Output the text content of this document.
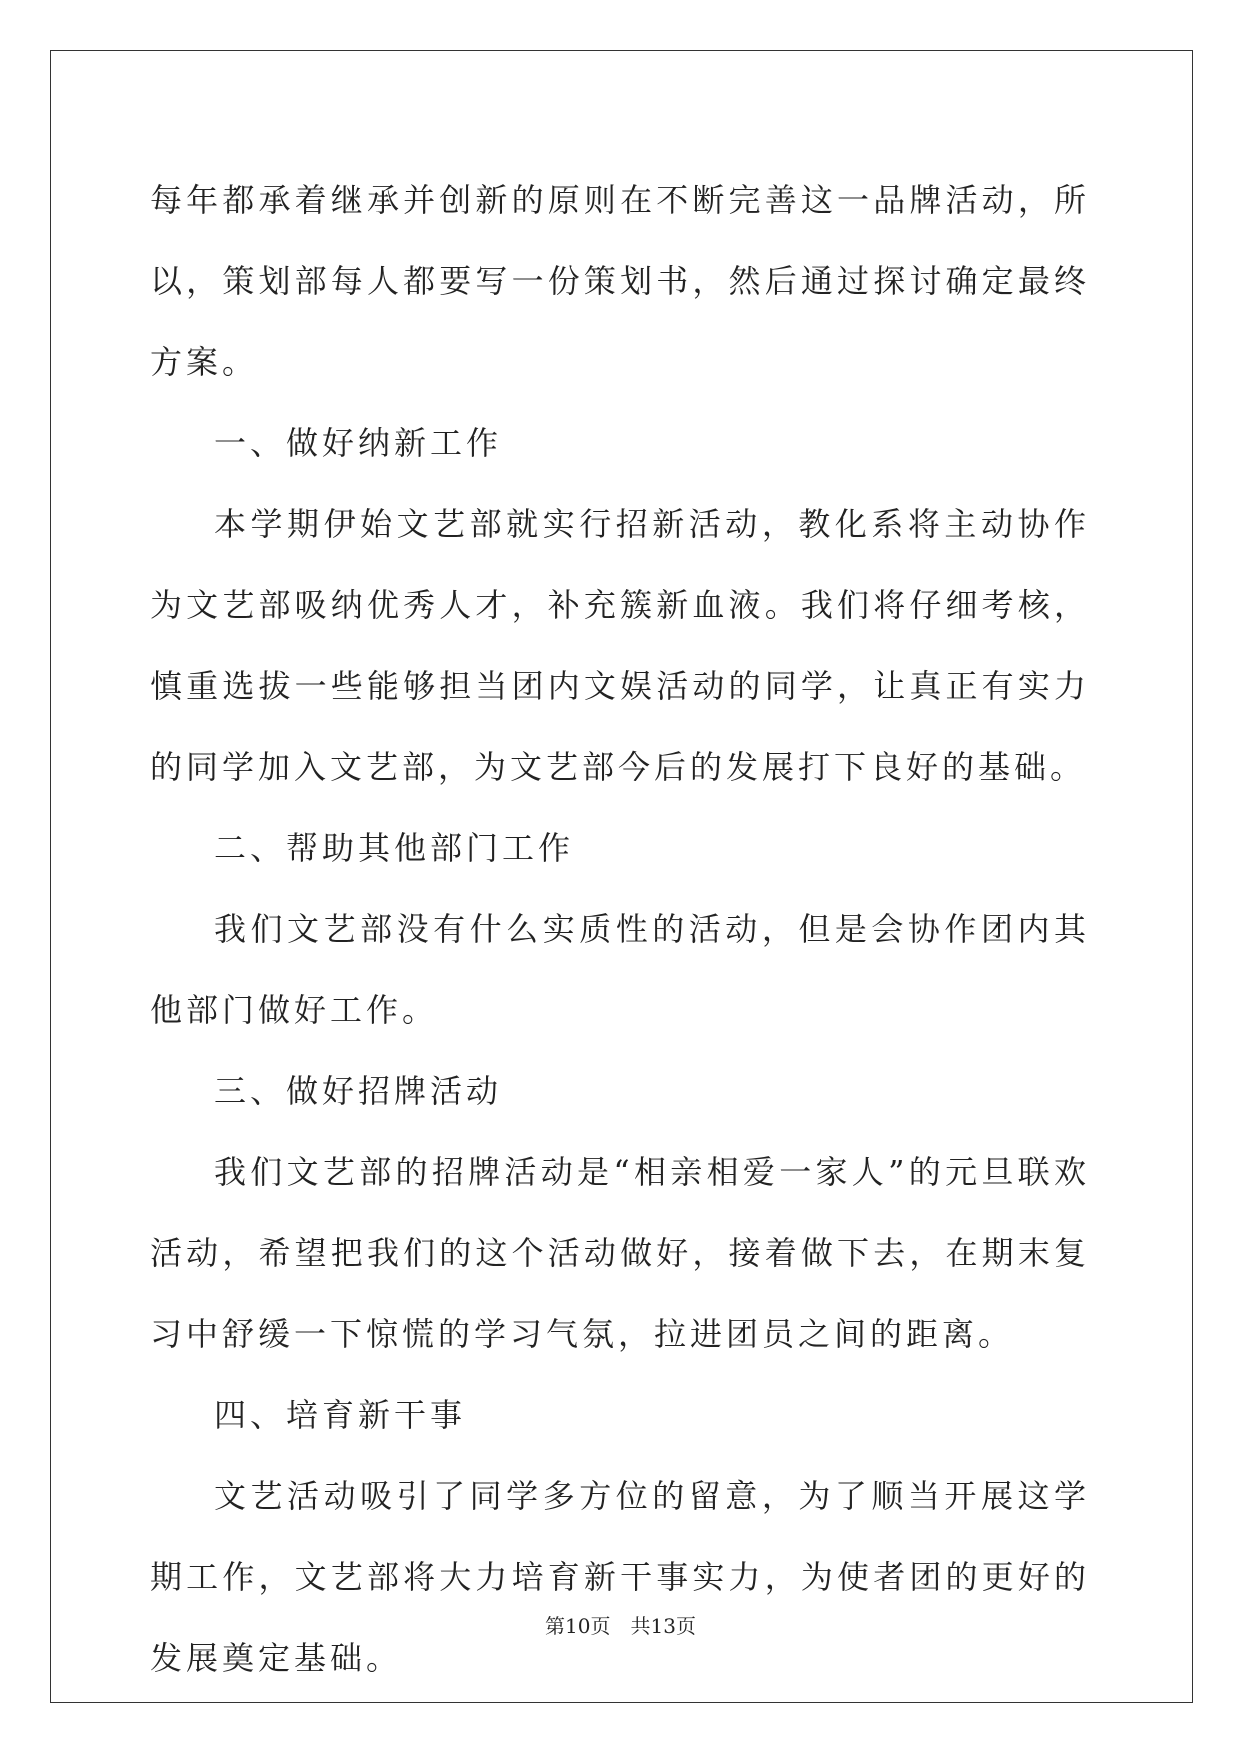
每年都承着继承并创新的原则在不断完善这一品牌活动，所以，策划部每人都要写一份策划书，然后通过探讨确定最终方案。

一、做好纳新工作

本学期伊始文艺部就实行招新活动，教化系将主动协作为文艺部吸纳优秀人才，补充簇新血液。我们将仔细考核，慎重选拔一些能够担当团内文娱活动的同学，让真正有实力的同学加入文艺部，为文艺部今后的发展打下良好的基础。

二、帮助其他部门工作

我们文艺部没有什么实质性的活动，但是会协作团内其他部门做好工作。

三、做好招牌活动

我们文艺部的招牌活动是“相亲相爱一家人”的元旦联欢活动，希望把我们的这个活动做好，接着做下去，在期末复习中舒缓一下惊慌的学习气氛，拉进团员之间的距离。

四、培育新干事

文艺活动吸引了同学多方位的留意，为了顺当开展这学期工作，文艺部将大力培育新干事实力，为使者团的更好的发展奠定基础。

第10页　共13页
